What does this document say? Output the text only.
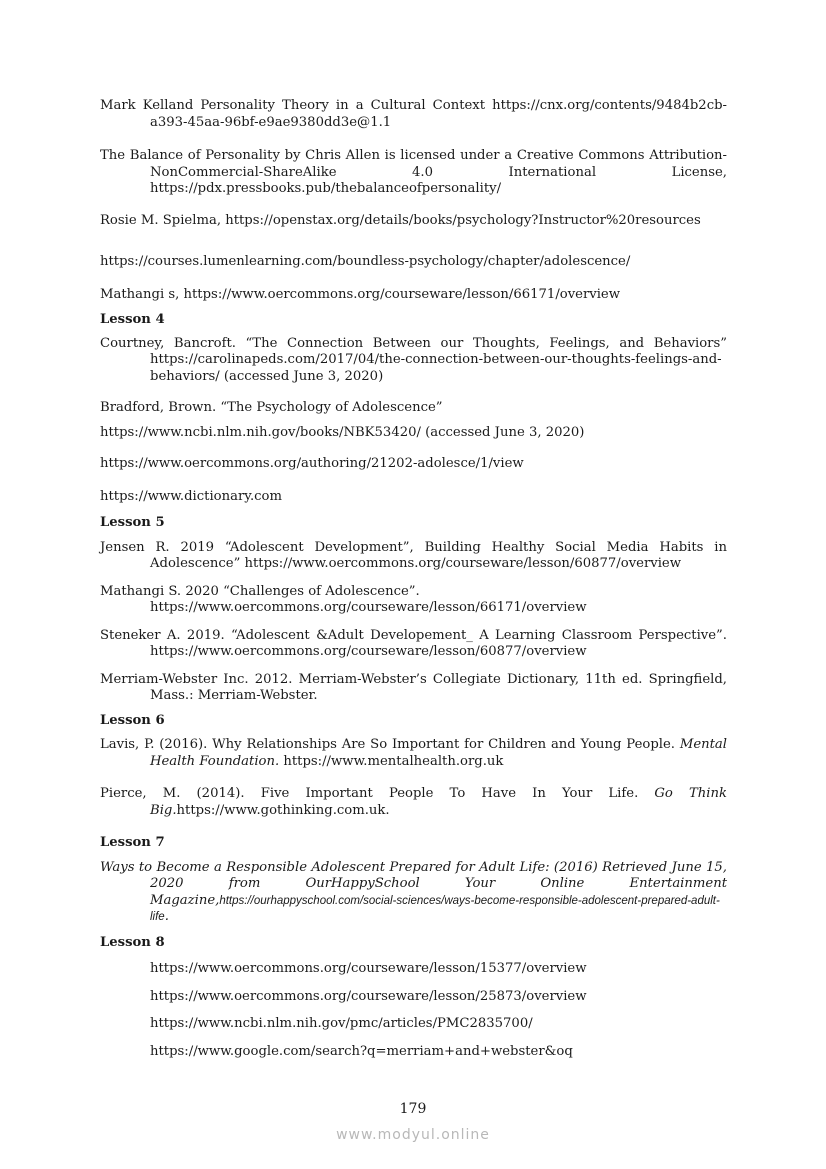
Mark Kelland Personality Theory in a Cultural Context https://cnx.org/contents/9484b2cb-a393-45aa-96bf-e9ae9380dd3e@1.1

The Balance of Personality by Chris Allen is licensed under a Creative Commons Attribution-NonCommercial-ShareAlike 4.0 International License, https://pdx.pressbooks.pub/thebalanceofpersonality/

Rosie M. Spielma, https://openstax.org/details/books/psychology?Instructor%20resources

https://courses.lumenlearning.com/boundless-psychology/chapter/adolescence/

Mathangi s, https://www.oercommons.org/courseware/lesson/66171/overview

Lesson 4

Courtney, Bancroft. “The Connection Between our Thoughts, Feelings, and Behaviors” https://carolinapeds.com/2017/04/the-connection-between-our-thoughts-feelings-and-behaviors/ (accessed June 3, 2020)

Bradford, Brown. “The Psychology of Adolescence”

https://www.ncbi.nlm.nih.gov/books/NBK53420/ (accessed June 3, 2020)

https://www.oercommons.org/authoring/21202-adolesce/1/view

https://www.dictionary.com

Lesson 5

Jensen R. 2019 “Adolescent Development”, Building Healthy Social Media Habits in Adolescence” https://www.oercommons.org/courseware/lesson/60877/overview

Mathangi S. 2020 “Challenges of Adolescence”.
https://www.oercommons.org/courseware/lesson/66171/overview

Steneker A. 2019. “Adolescent &Adult Developement_ A Learning Classroom Perspective”. https://www.oercommons.org/courseware/lesson/60877/overview

Merriam-Webster Inc. 2012. Merriam-Webster’s Collegiate Dictionary, 11th ed. Springfield, Mass.: Merriam-Webster.

Lesson 6

Lavis, P. (2016). Why Relationships Are So Important for Children and Young People. Mental Health Foundation. https://www.mentalhealth.org.uk

Pierce, M. (2014). Five Important People To Have In Your Life. Go Think Big.https://www.gothinking.com.uk.

Lesson 7

Ways to Become a Responsible Adolescent Prepared for Adult Life: (2016) Retrieved June 15, 2020 from OurHappySchool Your Online Entertainment Magazine,https://ourhappyschool.com/social-sciences/ways-become-responsible-adolescent-prepared-adult-life.

Lesson 8

https://www.oercommons.org/courseware/lesson/15377/overview

https://www.oercommons.org/courseware/lesson/25873/overview

https://www.ncbi.nlm.nih.gov/pmc/articles/PMC2835700/

https://www.google.com/search?q=merriam+and+webster&oq

179
www.modyul.online
